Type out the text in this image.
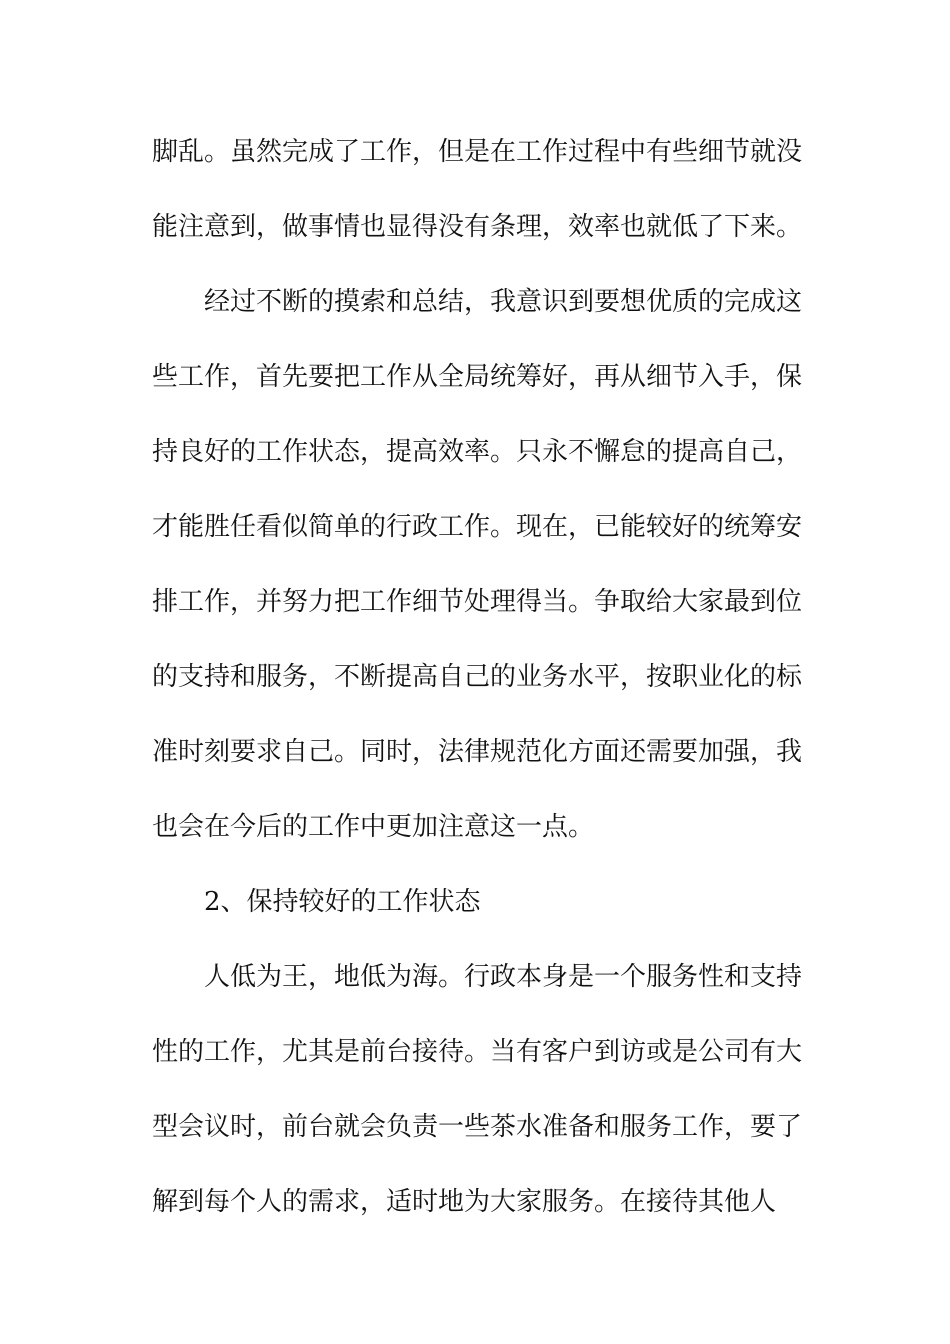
脚乱。虽然完成了工作，但是在工作过程中有些细节就没
能注意到，做事情也显得没有条理，效率也就低了下来。
经过不断的摸索和总结，我意识到要想优质的完成这
些工作，首先要把工作从全局统筹好，再从细节入手，保
持良好的工作状态，提高效率。只永不懈怠的提高自己，
才能胜任看似简单的行政工作。现在，已能较好的统筹安
排工作，并努力把工作细节处理得当。争取给大家最到位
的支持和服务，不断提高自己的业务水平，按职业化的标
准时刻要求自己。同时，法律规范化方面还需要加强，我
也会在今后的工作中更加注意这一点。
2、保持较好的工作状态
人低为王，地低为海。行政本身是一个服务性和支持
性的工作，尤其是前台接待。当有客户到访或是公司有大
型会议时，前台就会负责一些茶水准备和服务工作，要了
解到每个人的需求，适时地为大家服务。在接待其他人
